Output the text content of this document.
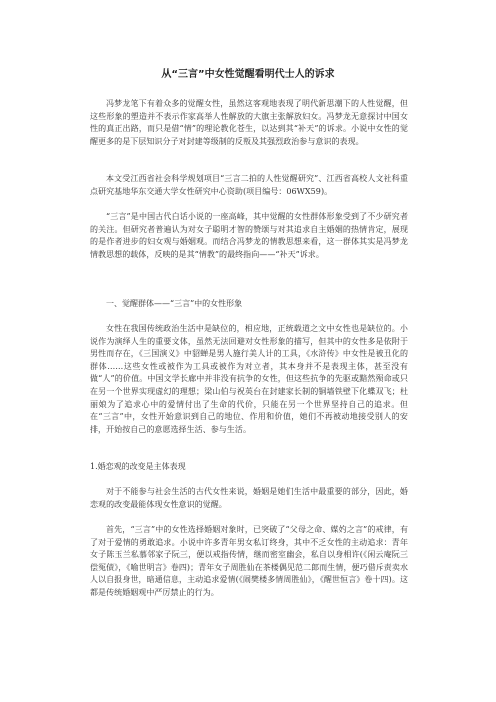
从“三言”中女性觉醒看明代士人的诉求

冯梦龙笔下有着众多的觉醒女性，虽然这客观地表现了明代新思潮下的人性觉醒，但这些形象的塑造并不表示作家高举人性解放的大旗主张解放妇女。冯梦龙无意探讨中国女性的真正出路，而只是借“情”的理论教化苍生，以达到其“补天”的诉求。小说中女性的觉醒更多的是下层知识分子对封建等级制的反叛及其强烈政治参与意识的表现。

本文受江西省社会科学规划项目“三言二拍的人性觉醒研究”、江西省高校人文社科重点研究基地华东交通大学女性研究中心资助(项目编号：06WX59)。

“三言”是中国古代白话小说的一座高峰，其中觉醒的女性群体形象受到了不少研究者的关注。但研究者普遍认为对女子聪明才智的赞颂与对其追求自主婚姻的热情肯定，展现的是作者进步的妇女观与婚姻观。而结合冯梦龙的情教思想来看，这一群体其实是冯梦龙情教思想的载体，反映的是其“情教”的最终指向——“补天”诉求。

一、觉醒群体——“三言”中的女性形象

女性在我国传统政治生活中是缺位的，相应地，正统载道之文中女性也是缺位的。小说作为演绎人生的重要文体，虽然无法回避对女性形象的描写，但其中的女性多是依附于男性而存在，《三国演义》中貂蝉是男人施行美人计的工具，《水浒传》中女性是被丑化的群体……这些女性或被作为工具或被作为对立者，其本身并不是表现主体，甚至没有做“人”的价值。中国文学长廊中并非没有抗争的女性，但这些抗争的先驱或黯然殒命或只在另一个世界实现虚幻的理想；梁山伯与祝英台在封建家长制的铜墙铁壁下化蝶双飞；杜丽娘为了追求心中的爱情付出了生命的代价，只能在另一个世界坚持自己的追求。但在“三言”中，女性开始意识到自己的地位、作用和价值，她们不再被动地接受别人的安排，开始按自己的意愿选择生活、参与生活。

1.婚恋观的改变是主体表现

对于不能参与社会生活的古代女性来说，婚姻是她们生活中最重要的部分，因此，婚恋观的改变最能体现女性意识的觉醒。

首先，“三言”中的女性选择婚姻对象时，已突破了“父母之命、媒妁之言”的戒律，有了对于爱情的勇敢追求。小说中许多青年男女私订终身，其中不乏女性的主动追求：青年女子陈玉兰私慕邻家子阮三，便以戒指传情，继而密室幽会，私自以身相许(《闲云庵阮三偿冤债》，《喻世明言》卷四)；青年女子周胜仙在茶楼偶见范二郎而生情，便巧借斥责卖水人以自报身世，暗通信息，主动追求爱情(《闹樊楼多情周胜仙》，《醒世恒言》卷十四)。这都是传统婚姻观中严厉禁止的行为。
